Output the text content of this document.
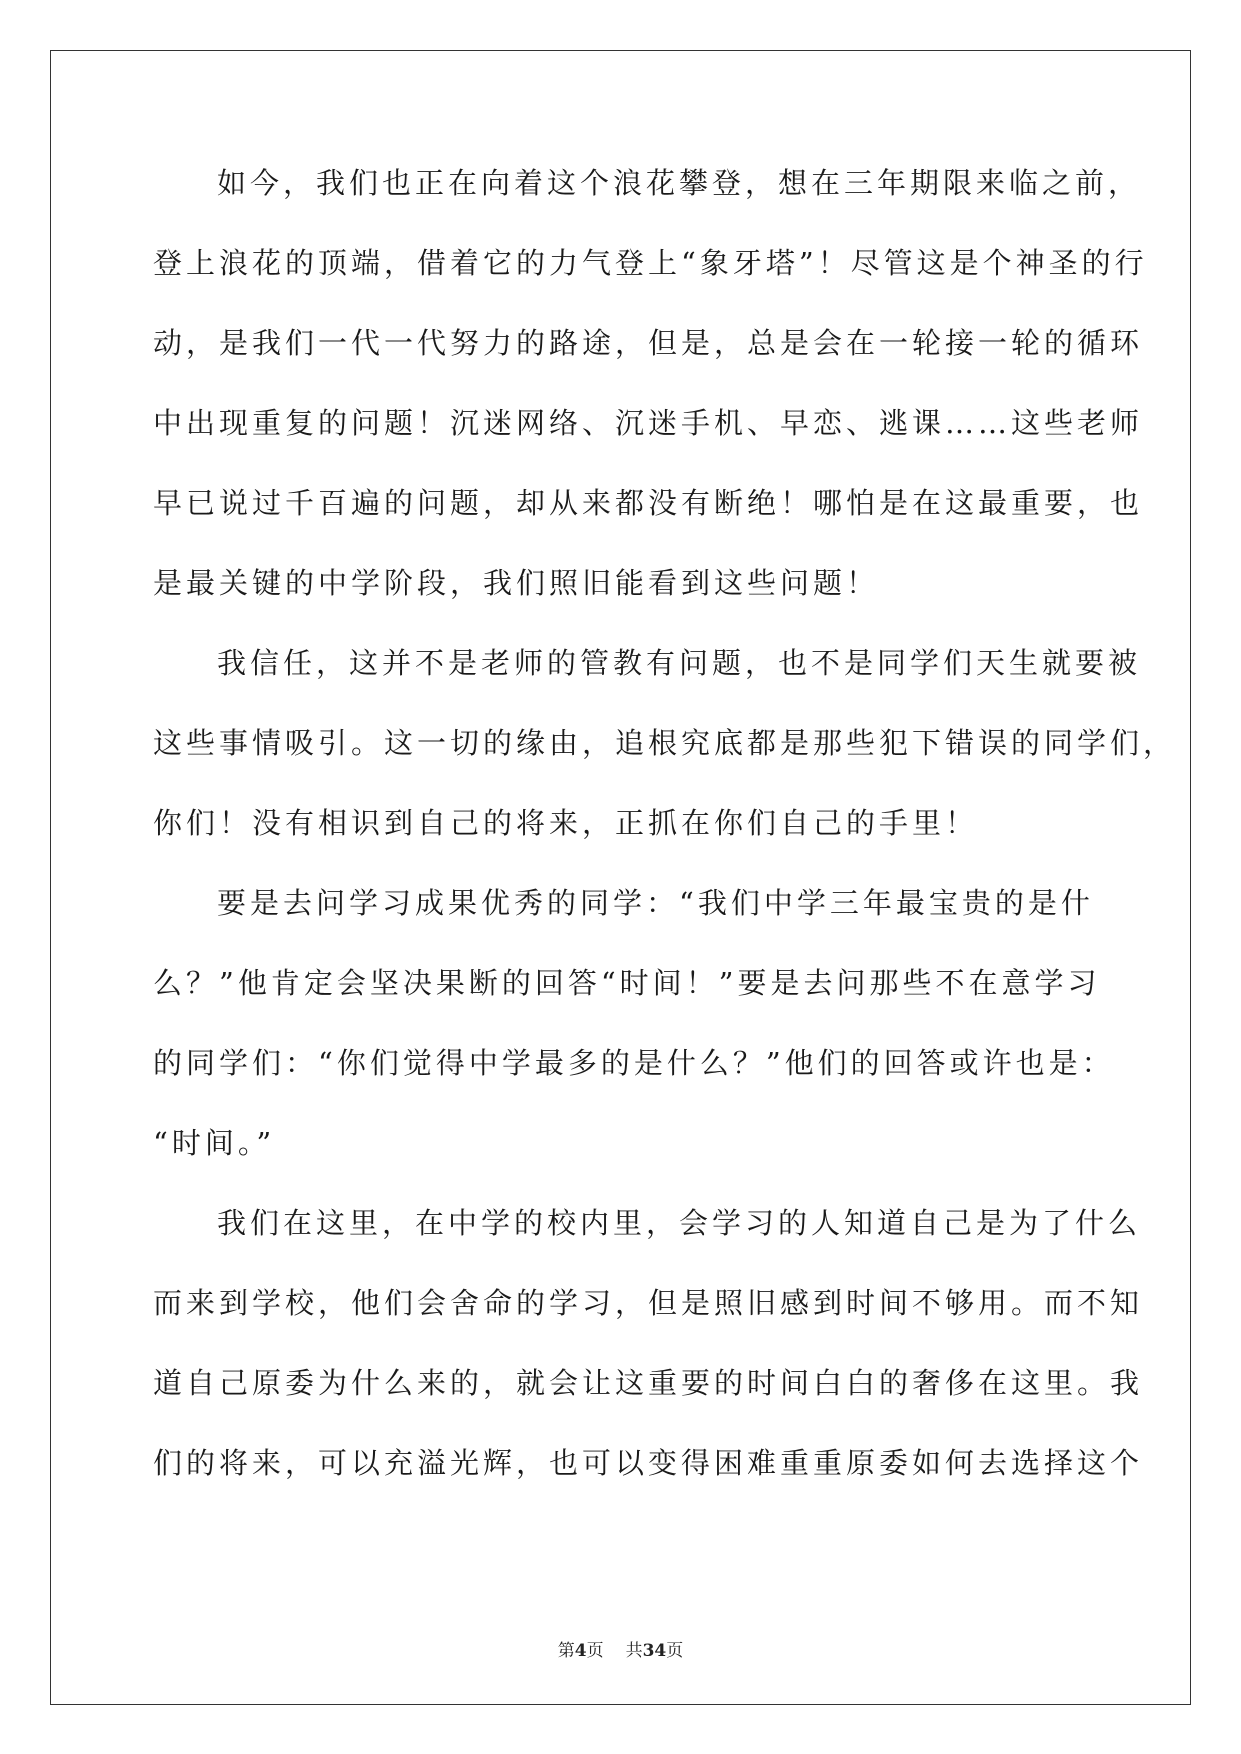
如今，我们也正在向着这个浪花攀登，想在三年期限来临之前，
登上浪花的顶端，借着它的力气登上“象牙塔”！尽管这是个神圣的行
动，是我们一代一代努力的路途，但是，总是会在一轮接一轮的循环
中出现重复的问题！沉迷网络、沉迷手机、早恋、逃课……这些老师
早已说过千百遍的问题，却从来都没有断绝！哪怕是在这最重要，也
是最关键的中学阶段，我们照旧能看到这些问题！
我信任，这并不是老师的管教有问题，也不是同学们天生就要被
这些事情吸引。这一切的缘由，追根究底都是那些犯下错误的同学们，
你们！没有相识到自己的将来，正抓在你们自己的手里！
要是去问学习成果优秀的同学：“我们中学三年最宝贵的是什
么？”他肯定会坚决果断的回答“时间！”要是去问那些不在意学习
的同学们：“你们觉得中学最多的是什么？”他们的回答或许也是：
“时间。”
我们在这里，在中学的校内里，会学习的人知道自己是为了什么
而来到学校，他们会舍命的学习，但是照旧感到时间不够用。而不知
道自己原委为什么来的，就会让这重要的时间白白的奢侈在这里。我
们的将来，可以充溢光辉，也可以变得困难重重原委如何去选择这个
第4页 共34页
